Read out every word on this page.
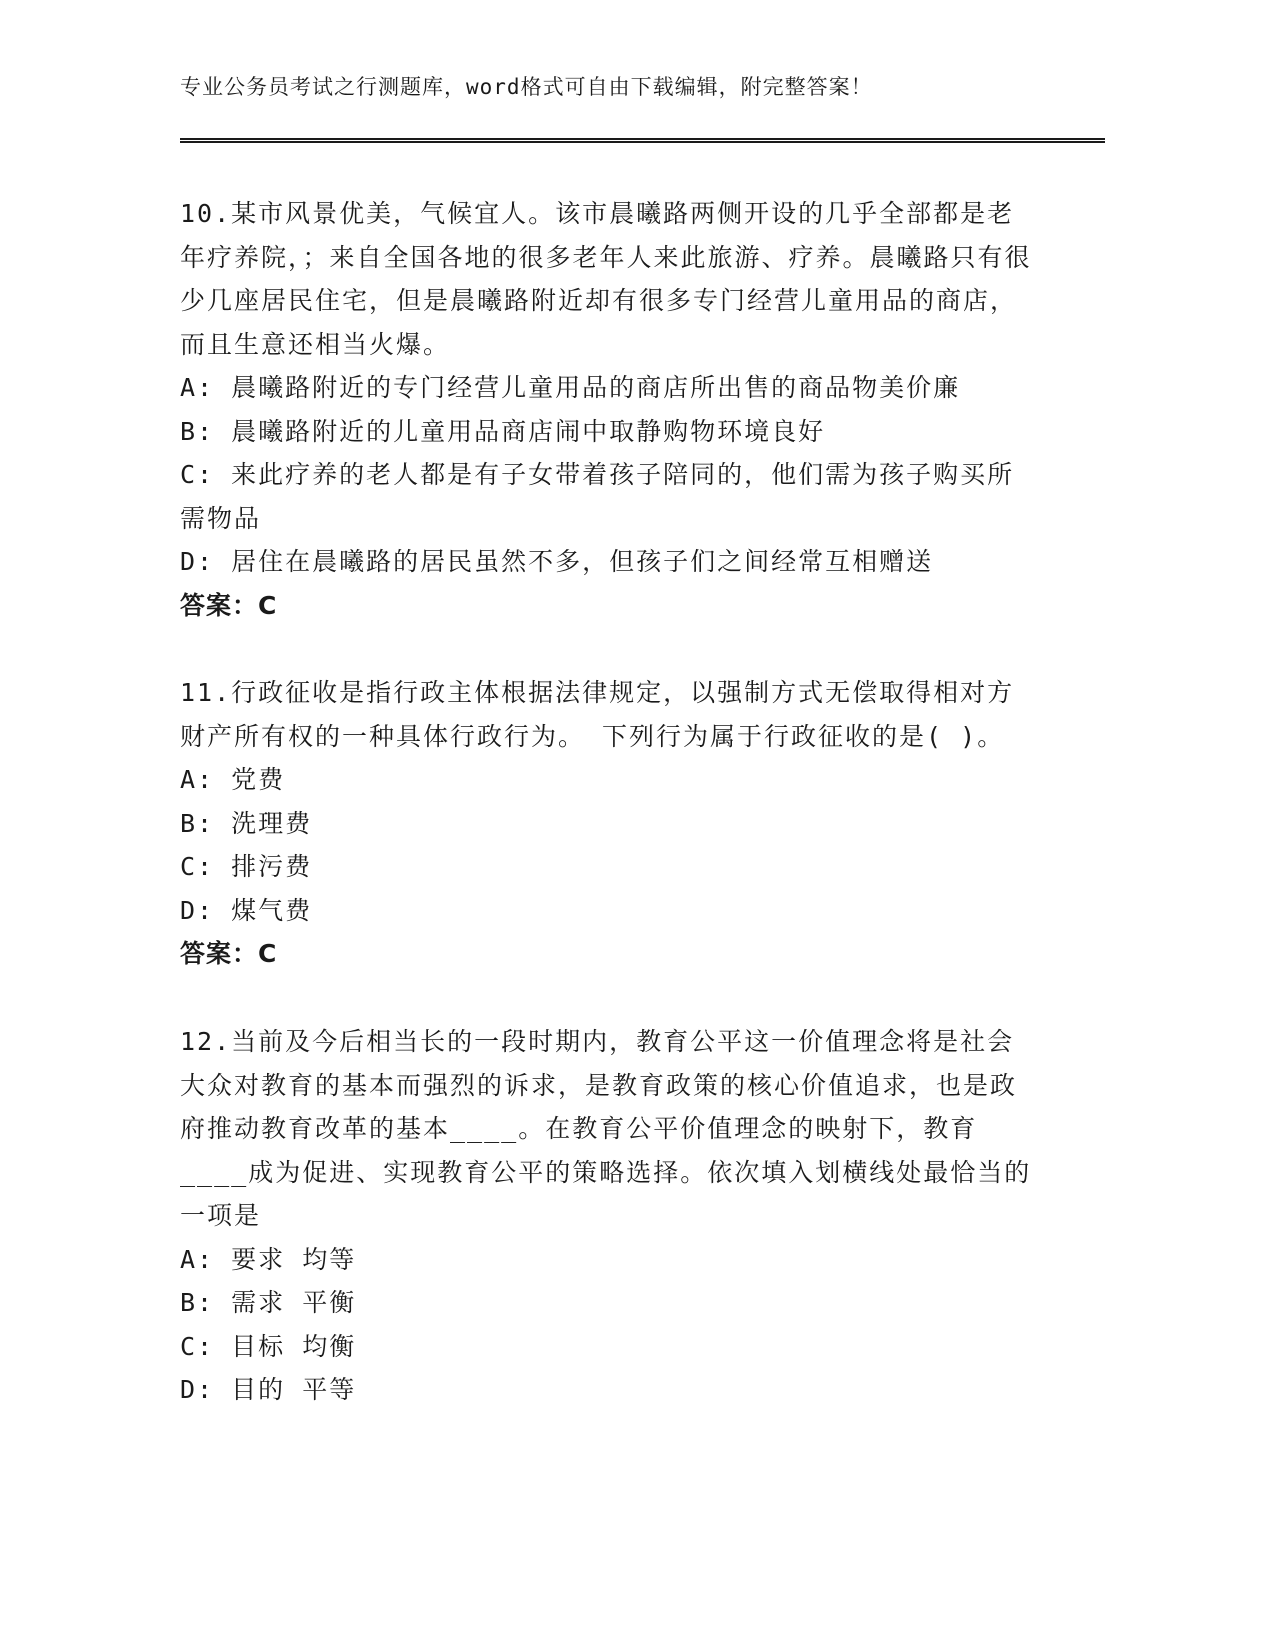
专业公务员考试之行测题库，word格式可自由下载编辑，附完整答案！

10.某市风景优美，气候宜人。该市晨曦路两侧开设的几乎全部都是老年疗养院，；来自全国各地的很多老年人来此旅游、疗养。晨曦路只有很少几座居民住宅，但是晨曦路附近却有很多专门经营儿童用品的商店，而且生意还相当火爆。

A: 晨曦路附近的专门经营儿童用品的商店所出售的商品物美价廉

B: 晨曦路附近的儿童用品商店闹中取静购物环境良好

C: 来此疗养的老人都是有子女带着孩子陪同的，他们需为孩子购买所需物品

D: 居住在晨曦路的居民虽然不多，但孩子们之间经常互相赠送

答案：C

11.行政征收是指行政主体根据法律规定，以强制方式无偿取得相对方财产所有权的一种具体行政行为。 下列行为属于行政征收的是( )。

A: 党费

B: 洗理费

C: 排污费

D: 煤气费

答案：C

12.当前及今后相当长的一段时期内，教育公平这一价值理念将是社会大众对教育的基本而强烈的诉求，是教育政策的核心价值追求，也是政府推动教育改革的基本____。在教育公平价值理念的映射下，教育____成为促进、实现教育公平的策略选择。依次填入划横线处最恰当的一项是

A: 要求 均等

B: 需求 平衡

C: 目标 均衡

D: 目的 平等
